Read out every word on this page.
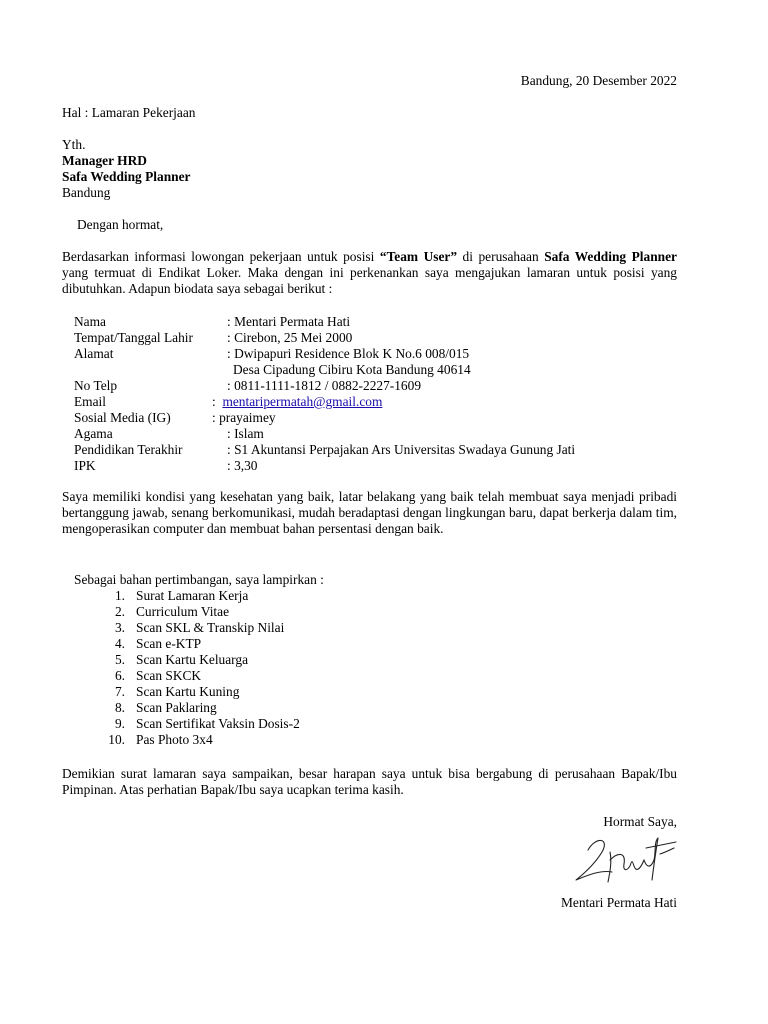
Bandung, 20 Desember 2022
Hal : Lamaran Pekerjaan
Yth.
Manager HRD
Safa Wedding Planner
Bandung
Dengan hormat,

Berdasarkan informasi lowongan pekerjaan untuk posisi “Team User” di perusahaan Safa Wedding Planner yang termuat di Endikat Loker. Maka dengan ini perkenankan saya mengajukan lamaran untuk posisi yang dibutuhkan. Adapun biodata saya sebagai berikut :

Nama	: Mentari Permata Hati
Tempat/Tanggal Lahir	: Cirebon, 25 Mei 2000
Alamat	: Dwipapuri Residence Blok K No.6 008/015
Desa Cipadung Cibiru Kota Bandung 40614
No Telp	: 0811-1111-1812 / 0882-2227-1609
Email	: mentaripermatah@gmail.com
Sosial Media (IG)	: prayaimey
Agama	: Islam
Pendidikan Terakhir	: S1 Akuntansi Perpajakan Ars Universitas Swadaya Gunung Jati
IPK	: 3,30

Saya memiliki kondisi yang kesehatan yang baik, latar belakang yang baik telah membuat saya menjadi pribadi bertanggung jawab, senang berkomunikasi, mudah beradaptasi dengan lingkungan baru, dapat berkerja dalam tim, mengoperasikan computer dan membuat bahan persentasi dengan baik.

Sebagai bahan pertimbangan, saya lampirkan :
1. Surat Lamaran Kerja
2. Curriculum Vitae
3. Scan SKL & Transkip Nilai
4. Scan e-KTP
5. Scan Kartu Keluarga
6. Scan SKCK
7. Scan Kartu Kuning
8. Scan Paklaring
9. Scan Sertifikat Vaksin Dosis-2
10. Pas Photo 3x4

Demikian surat lamaran saya sampaikan, besar harapan saya untuk bisa bergabung di perusahaan Bapak/Ibu Pimpinan. Atas perhatian Bapak/Ibu saya ucapkan terima kasih.

Hormat Saya,
Mentari Permata Hati
